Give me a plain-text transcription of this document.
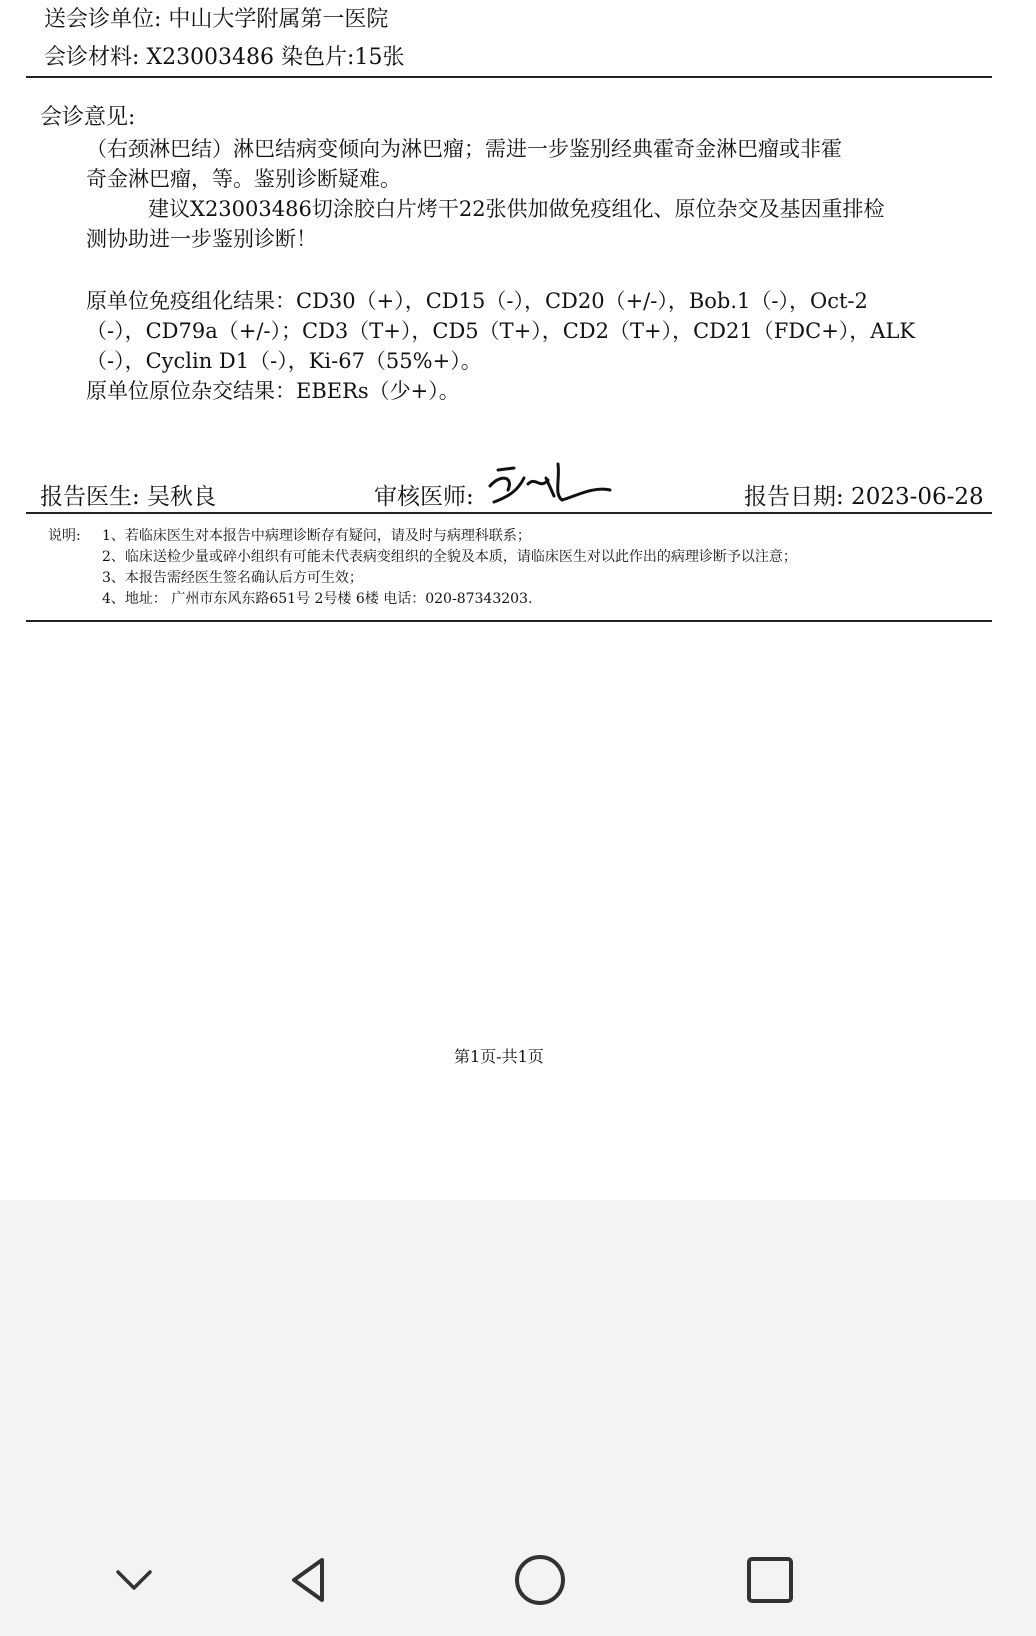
送会诊单位: 中山大学附属第一医院
会诊材料: X23003486 染色片:15张
会诊意见:
（右颈淋巴结）淋巴结病变倾向为淋巴瘤；需进一步鉴别经典霍奇金淋巴瘤或非霍
奇金淋巴瘤，等。鉴别诊断疑难。
建议X23003486切涂胶白片烤干22张供加做免疫组化、原位杂交及基因重排检
测协助进一步鉴别诊断！
原单位免疫组化结果：CD30（+），CD15（-），CD20（+/-），Bob.1（-），Oct-2
（-），CD79a（+/-）；CD3（T+），CD5（T+），CD2（T+），CD21（FDC+），ALK
（-），Cyclin D1（-），Ki-67（55%+）。
原单位原位杂交结果：EBERs（少+）。
报告医生: 吴秋良	审核医师:	报告日期: 2023-06-28
说明: 1、若临床医生对本报告中病理诊断存有疑问，请及时与病理科联系；
2、临床送检少量或碎小组织有可能未代表病变组织的全貌及本质，请临床医生对以此作出的病理诊断予以注意；
3、本报告需经医生签名确认后方可生效；
4、地址： 广州市东风东路651号 2号楼 6楼 电话：020-87343203.
第1页-共1页
